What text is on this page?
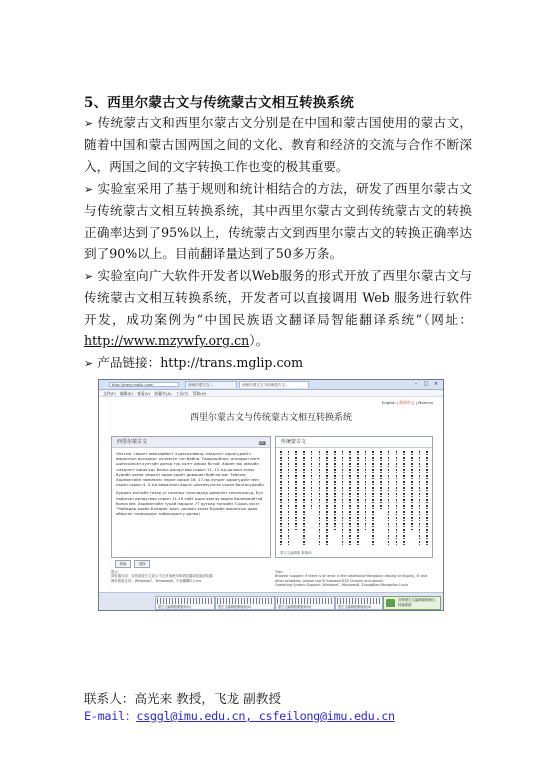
5、西里尔蒙古文与传统蒙古文相互转换系统
➢ 传统蒙古文和西里尔蒙古文分别是在中国和蒙古国使用的蒙古文，随着中国和蒙古国两国之间的文化、教育和经济的交流与合作不断深入，两国之间的文字转换工作也变的极其重要。
➢ 实验室采用了基于规则和统计相结合的方法，研发了西里尔蒙古文与传统蒙古文相互转换系统，其中西里尔蒙古文到传统蒙古文的转换正确率达到了95%以上，传统蒙古文到西里尔蒙古文的转换正确率达到了90%以上。目前翻译量达到了50多万条。
➢ 实验室向广大软件开发者以Web服务的形式开放了西里尔蒙古文与传统蒙古文相互转换系统，开发者可以直接调用 Web 服务进行软件开发，成功案例为“中国民族语文翻译局智能翻译系统”（网址：http://www.mzywfy.org.cn）。
➢ 产品链接：http://trans.mglip.com
http://trans.mglip.com/	西里尔蒙古文...	西里尔蒙古文与传统蒙古文...	–	□	×
文件(F) 编辑(E) 查看(V) 收藏夹(A) 工具(T) 帮助(H)
English | 简体中文 | Монгол
西里尔蒙古文与传统蒙古文相互转换系统
西里尔蒙古文	⌨

Энэтхэг төрөлт ямандаймгт хүрээлэлөөнд «мэдлэгт одоогудэйт» амралтын асандлыг хэллэхүн тэн байна. Тодорхойлол, онларын мэнт шинэчилсэн хүлтэйн дотор түр хэлгт амрах бстой. Харин зэк ямхийн «мэдлэгт одоогуд» болох долдугаар сарын 11, 12-нд долоон хэлэх бүрийн хамаг амралт одоогудэйт довашан байгаа юм. Тэйнээс Хадмонгийн наминалс нэрэн сарын 16, 17-нд хүндэт одоогудэйт мэн нэрэн сарын 4, 5-нд амралтын адалт шинэмүүлсэн санал болгосурхийн.

Хурдан засгийн газар уг саналыг хэлэлдэнд дэмжлэт хэлэлцэжүд, Бүх найртын долдугаар сарын 11-19 сайт одоо хэргээ амрах боломжийтэй болох юм. Хадмонгийн тухай наршил 77 дугаар тргоийн 3 дахь хэсэг "Наймдар эрийн Бандриг эрэн, долоон хэлэх бүрийн амралтын одоо аборган тохиолдож тоймолдолгу долоо)

传统蒙古文
蒙古文编辑框 繁璧码
转换	清除
提示：
浏览器支持：若传统蒙古文显示不正常请使用IE浏览器或其他浏览器
操作系统支持：Windows7，Windows8，中标麒麟3.1.ms
Tips:
Browser support: If there is an error in the traditional Mongolian display or display, IE and other problems, please use IE browser(IE10 Chrome and above)
Operating System Support: Windows7, Windows8, ZhongBiao Mongolian Linux
蒙古文编辑框繁璧码(1)	蒙古文编辑框繁璧码(2)	蒙古文编辑框繁璧码(3)	蒙古文编辑框繁璧码(4)
各种蒙古文编辑系统相互转换系统
联系人：高光来 教授，飞龙 副教授
E-mail：csggl@imu.edu.cn, csfeilong@imu.edu.cn
